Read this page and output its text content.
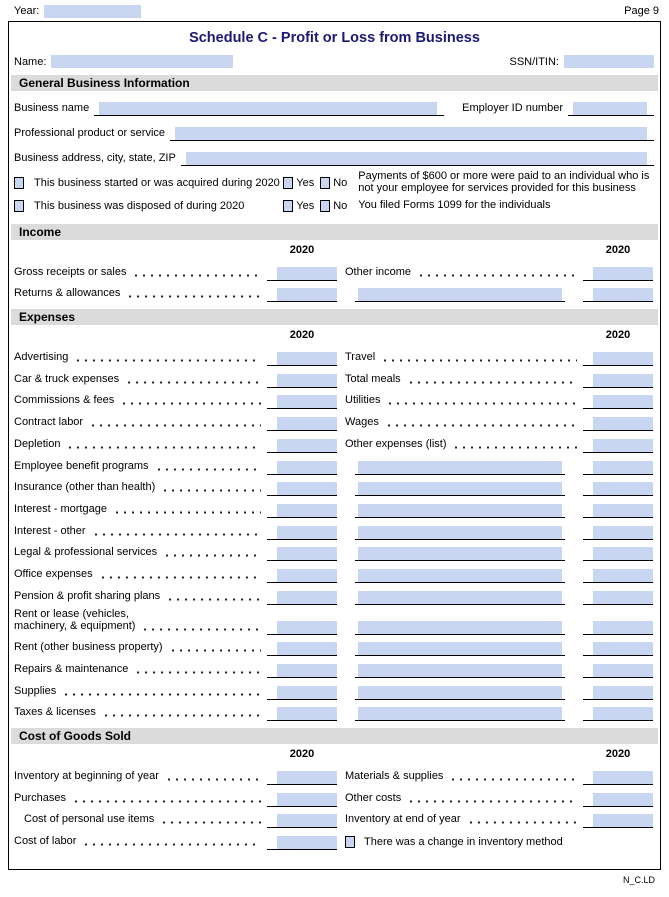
Year:	Page 9
Schedule C - Profit or Loss from Business
Name:	SSN/ITIN:
General Business Information
Business name	Employer ID number
Professional product or service
Business address, city, state, ZIP
This business started or was acquired during 2020	Yes No
Payments of $600 or more were paid to an individual who is not your employee for services provided for this business
This business was disposed of during 2020	Yes No You filed Forms 1099 for the individuals
Income
2020	2020
Gross receipts or sales	Other income
Returns & allowances
Expenses
2020	2020
Advertising	Travel
Car & truck expenses	Total meals
Commissions & fees	Utilities
Contract labor	Wages
Depletion	Other expenses (list)
Employee benefit programs
Insurance (other than health)
Interest - mortgage
Interest - other
Legal & professional services
Office expenses
Pension & profit sharing plans
Rent or lease (vehicles,
machinery, & equipment)
Rent (other business property)
Repairs & maintenance
Supplies
Taxes & licenses
Cost of Goods Sold
2020	2020
Inventory at beginning of year	Materials & supplies
Purchases	Other costs
Cost of personal use items	Inventory at end of year
Cost of labor	There was a change in inventory method
N_C.LD
